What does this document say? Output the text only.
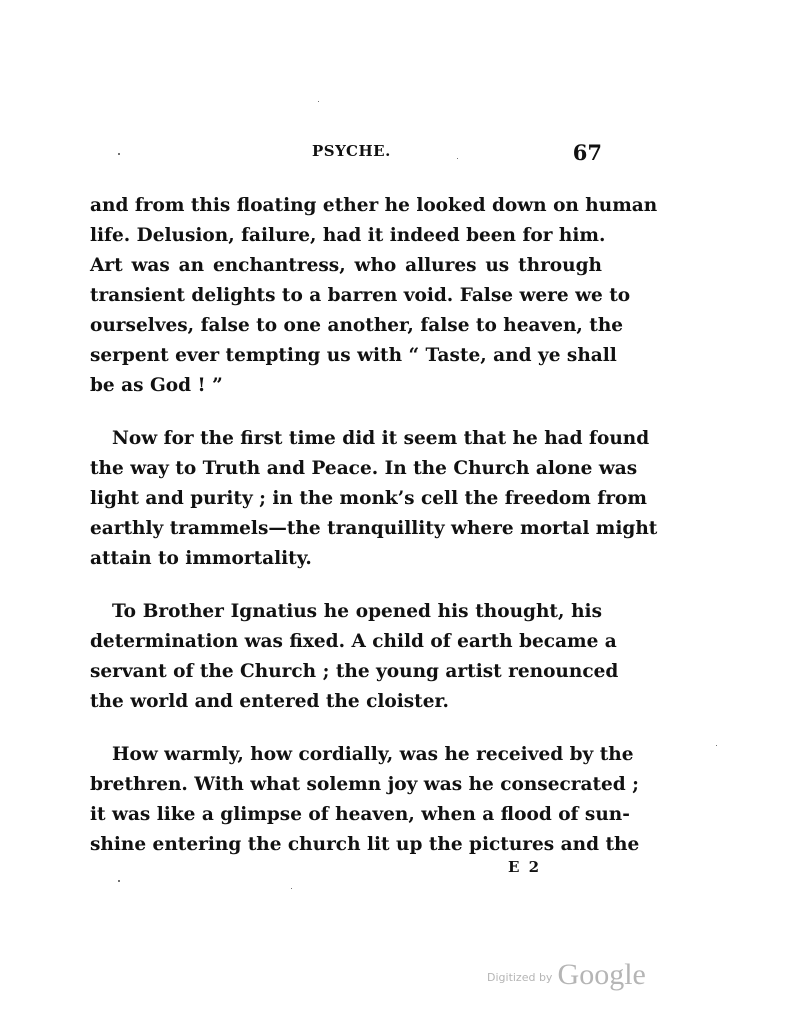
PSYCHE.	67
and from this floating ether he looked down on human
life. Delusion, failure, had it indeed been for him.
Art was an enchantress, who allures us through
transient delights to a barren void. False were we to
ourselves, false to one another, false to heaven, the
serpent ever tempting us with “ Taste, and ye shall
be as God ! ”
Now for the first time did it seem that he had found
the way to Truth and Peace. In the Church alone was
light and purity ; in the monk’s cell the freedom from
earthly trammels—the tranquillity where mortal might
attain to immortality.
To Brother Ignatius he opened his thought, his
determination was fixed. A child of earth became a
servant of the Church ; the young artist renounced
the world and entered the cloister.
How warmly, how cordially, was he received by the
brethren. With what solemn joy was he consecrated ;
it was like a glimpse of heaven, when a flood of sun-
shine entering the church lit up the pictures and the
E 2
Digitized by Google
